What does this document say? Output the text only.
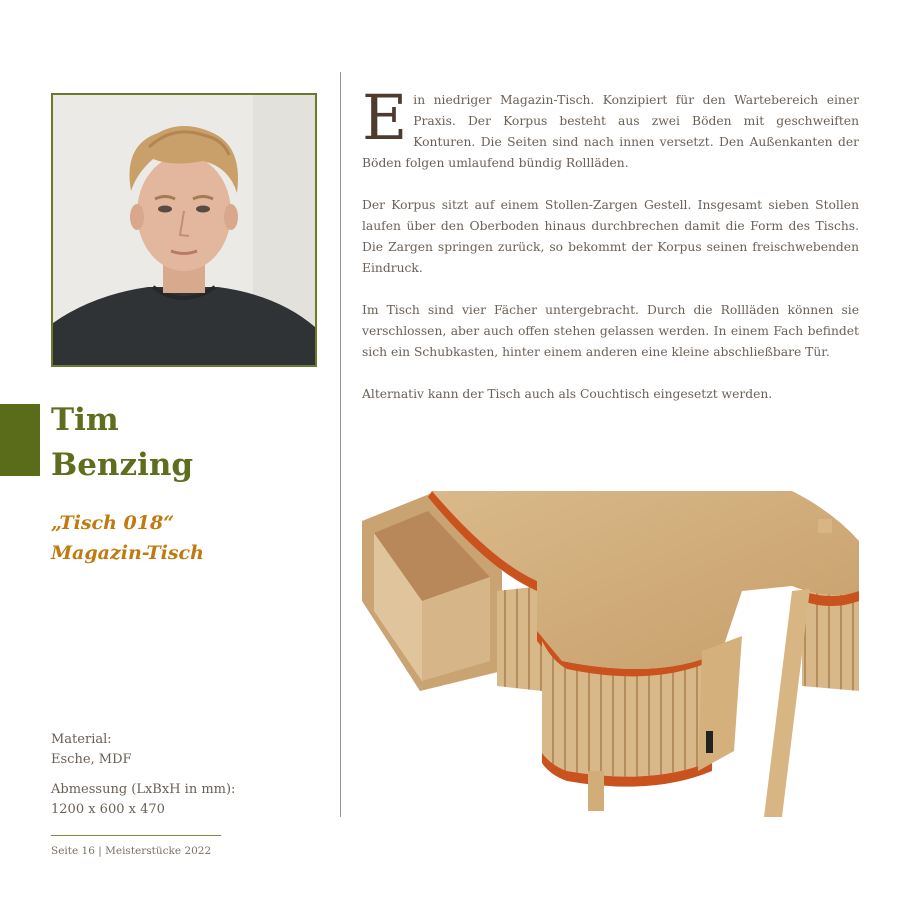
Tim
Benzing
„Tisch 018“
Magazin-Tisch
Material:
Esche, MDF
Abmessung (LxBxH in mm):
1200 x 600 x 470
Seite 16 | Meisterstücke 2022

Ein niedriger Magazin-Tisch. Konzipiert für den Wartebereich einer Praxis. Der Korpus besteht aus zwei Böden mit geschweiften Konturen. Die Seiten sind nach innen versetzt. Den Außenkanten der Böden folgen umlaufend bündig Rollläden.

Der Korpus sitzt auf einem Stollen-Zargen Gestell. Insgesamt sieben Stollen laufen über den Oberboden hinaus durchbrechen damit die Form des Tischs. Die Zargen springen zurück, so bekommt der Korpus seinen freischwebenden Eindruck.

Im Tisch sind vier Fächer untergebracht. Durch die Rollläden können sie verschlossen, aber auch offen stehen gelassen werden. In einem Fach befindet sich ein Schubkasten, hinter einem anderen eine kleine abschließbare Tür.

Alternativ kann der Tisch auch als Couchtisch eingesetzt werden.
